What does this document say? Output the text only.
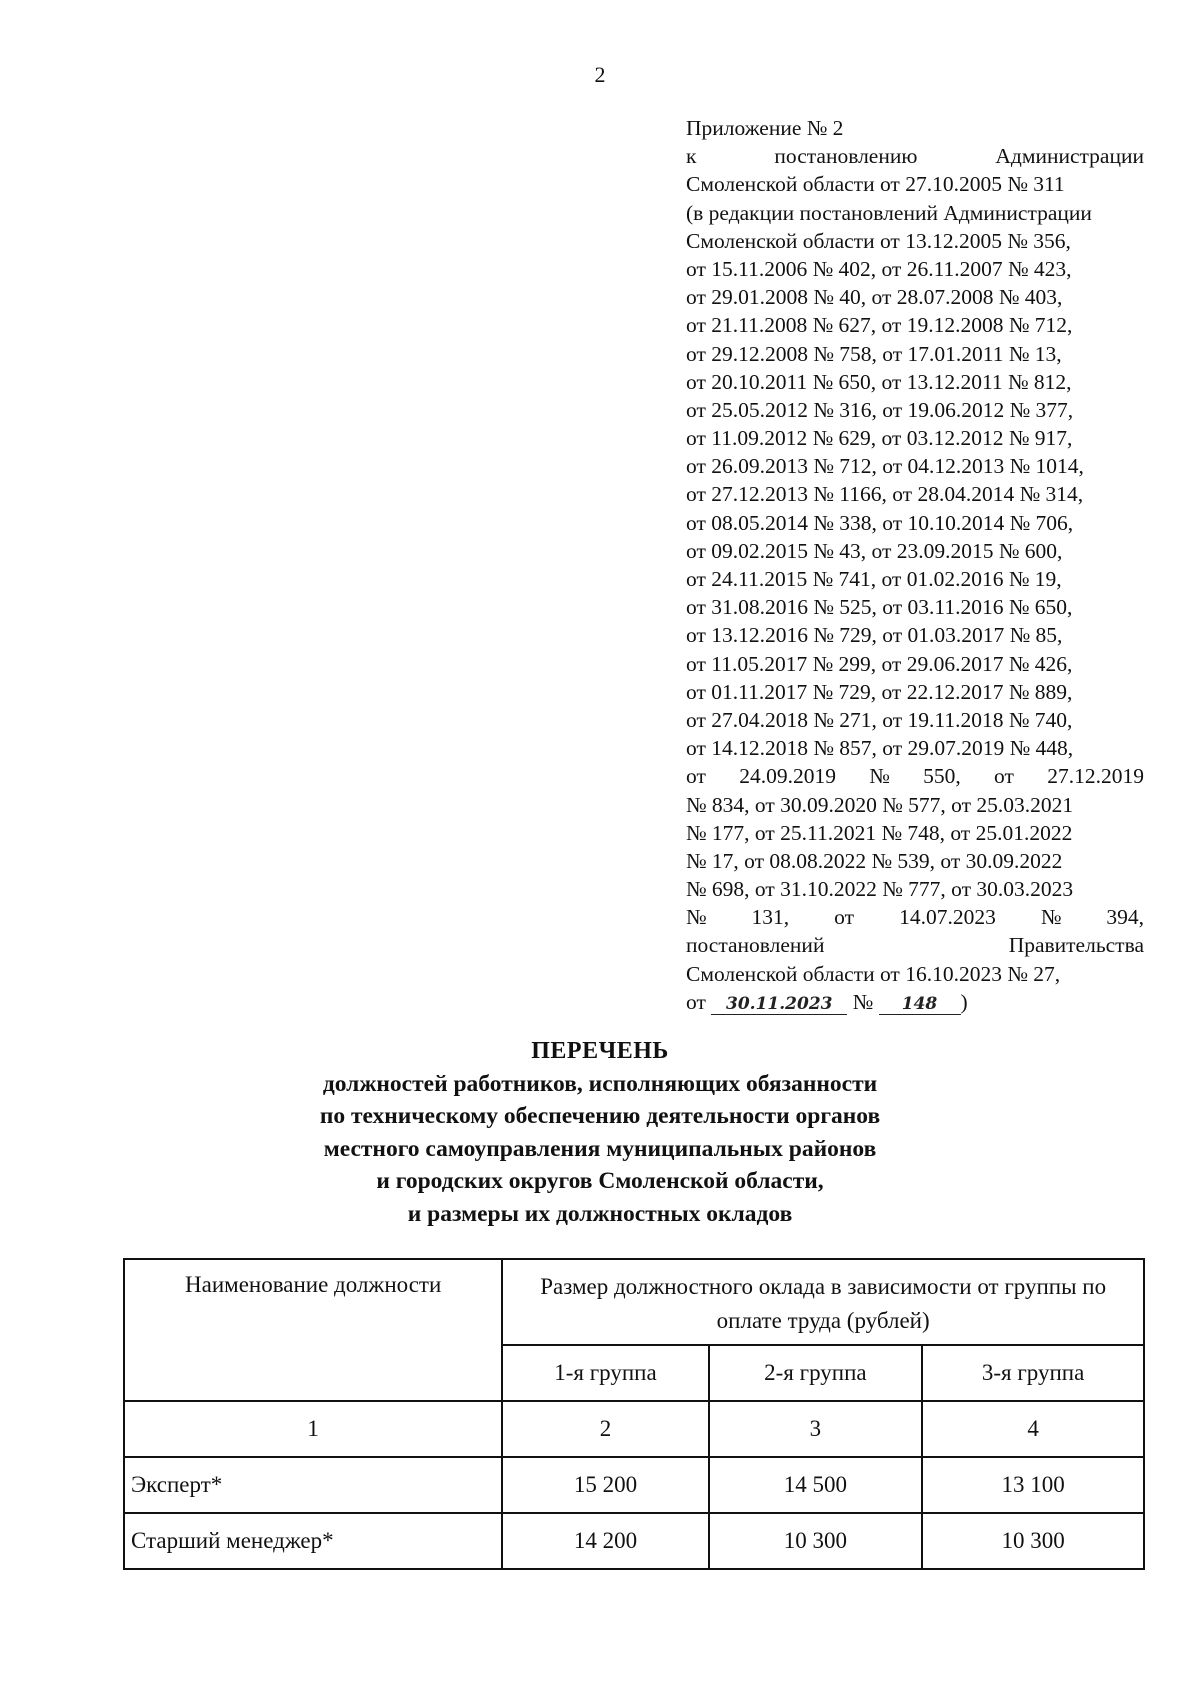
2
Приложение № 2
к	постановлению	Администрации
Смоленской области от 27.10.2005 № 311
(в редакции постановлений Администрации
Смоленской области от 13.12.2005 № 356,
от 15.11.2006 № 402, от 26.11.2007 № 423,
от 29.01.2008 № 40, от 28.07.2008 № 403,
от 21.11.2008 № 627, от 19.12.2008 № 712,
от 29.12.2008 № 758, от 17.01.2011 № 13,
от 20.10.2011 № 650, от 13.12.2011 № 812,
от 25.05.2012 № 316, от 19.06.2012 № 377,
от 11.09.2012 № 629, от 03.12.2012 № 917,
от 26.09.2013 № 712, от 04.12.2013 № 1014,
от 27.12.2013 № 1166, от 28.04.2014 № 314,
от 08.05.2014 № 338, от 10.10.2014 № 706,
от 09.02.2015 № 43, от 23.09.2015 № 600,
от 24.11.2015 № 741, от 01.02.2016 № 19,
от 31.08.2016 № 525, от 03.11.2016 № 650,
от 13.12.2016 № 729, от 01.03.2017 № 85,
от 11.05.2017 № 299, от 29.06.2017 № 426,
от 01.11.2017 № 729, от 22.12.2017 № 889,
от 27.04.2018 № 271, от 19.11.2018 № 740,
от 14.12.2018 № 857, от 29.07.2019 № 448,
от 24.09.2019 № 550, от 27.12.2019
№ 834, от 30.09.2020 № 577, от 25.03.2021
№ 177, от 25.11.2021 № 748, от 25.01.2022
№ 17, от 08.08.2022 № 539, от 30.09.2022
№ 698, от 31.10.2022 № 777, от 30.03.2023
№ 131, от 14.07.2023 № 394,
постановлений	Правительства
Смоленской области от 16.10.2023 № 27,
от 30.11.2023 № 148 )
ПЕРЕЧЕНЬ
должностей работников, исполняющих обязанности
по техническому обеспечению деятельности органов
местного самоуправления муниципальных районов
и городских округов Смоленской области,
и размеры их должностных окладов
Наименование должности	Размер должностного оклада в зависимости от группы по оплате труда (рублей)		
	1-я группа	2-я группа	3-я группа
1	2	3	4
Эксперт*	15 200	14 500	13 100
Старший менеджер*	14 200	10 300	10 300
